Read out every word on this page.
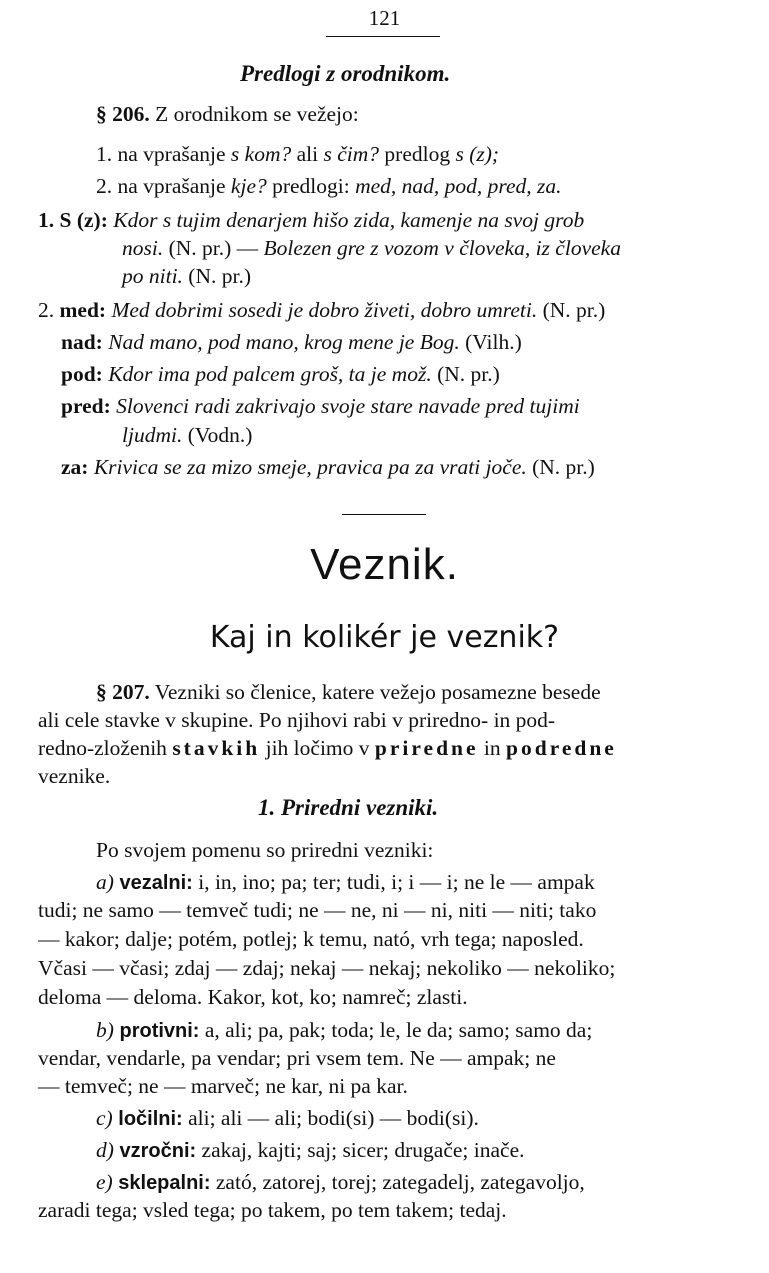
121
Predlogi z orodnikom.
§ 206. Z orodnikom se vežejo:
1. na vprašanje s kom? ali s čim? predlog s (z);
2. na vprašanje kje? predlogi: med, nad, pod, pred, za.
1. S (z): Kdor s tujim denarjem hišo zida, kamenje na svoj grob
nosi. (N. pr.) — Bolezen gre z vozom v človeka, iz človeka
po niti. (N. pr.)
2. med: Med dobrimi sosedi je dobro živeti, dobro umreti. (N. pr.)
nad: Nad mano, pod mano, krog mene je Bog. (Vilh.)
pod: Kdor ima pod palcem groš, ta je mož. (N. pr.)
pred: Slovenci radi zakrivajo svoje stare navade pred tujimi
ljudmi. (Vodn.)
za: Krivica se za mizo smeje, pravica pa za vrati joče. (N. pr.)
Veznik.
Kaj in kolikér je veznik?
§ 207. Vezniki so členice, katere vežejo posamezne besede
ali cele stavke v skupine. Po njihovi rabi v priredno- in pod-
redno-zloženih stavkih jih ločimo v priredne in podredne
veznike.
1. Priredni vezniki.
Po svojem pomenu so priredni vezniki:
a) vezalni: i, in, ino; pa; ter; tudi, i; i — i; ne le — ampak
tudi; ne samo — temveč tudi; ne — ne, ni — ni, niti — niti; tako
— kakor; dalje; potém, potlej; k temu, nató, vrh tega; naposled.
Včasi — včasi; zdaj — zdaj; nekaj — nekaj; nekoliko — nekoliko;
deloma — deloma. Kakor, kot, ko; namreč; zlasti.
b) protivni: a, ali; pa, pak; toda; le, le da; samo; samo da;
vendar, vendarle, pa vendar; pri vsem tem. Ne — ampak; ne
— temveč; ne — marveč; ne kar, ni pa kar.
c) ločilni: ali; ali — ali; bodi(si) — bodi(si).
d) vzročni: zakaj, kajti; saj; sicer; drugače; inače.
e) sklepalni: zató, zatorej, torej; zategadelj, zategavoljo,
zaradi tega; vsled tega; po takem, po tem takem; tedaj.
